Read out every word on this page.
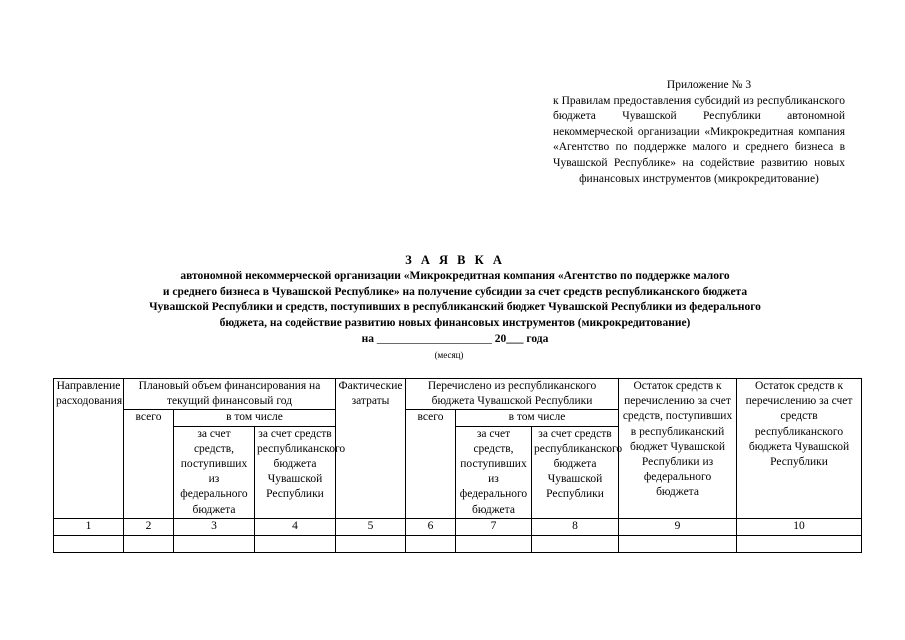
Приложение № 3
к Правилам предоставления субсидий из республиканского бюджета Чувашской Республики автономной некоммерческой организации «Микрокредитная компания «Агентство по поддержке малого и среднего бизнеса в Чувашской Республике» на содействие развитию новых финансовых инструментов (микрокредитование)
З А Я В К А
автономной некоммерческой организации «Микрокредитная компания «Агентство по поддержке малого
и среднего бизнеса в Чувашской Республике» на получение субсидии за счет средств республиканского бюджета
Чувашской Республики и средств, поступивших в республиканский бюджет Чувашской Республики из федерального
бюджета, на содействие развитию новых финансовых инструментов (микрокредитование)
на ____________________ 20___ года
(месяц)
Направление расходования	Плановый объем финансирования на текущий финансовый год			Фактические затраты	Перечислено из республиканского бюджета Чувашской Республики			Остаток средств к перечислению за счет средств, поступивших в республиканский бюджет Чувашской Республики из федерального бюджета	Остаток средств к перечислению за счет средств республиканского бюджета Чувашской Республики
	всего	в том числе			всего	в том числе			
		за счет средств, поступивших из федерального бюджета	за счет средств республиканского бюджета Чувашской Республики			за счет средств, поступивших из федерального бюджета	за счет средств республиканского бюджета Чувашской Республики		
1	2	3	4	5	6	7	8	9	10
